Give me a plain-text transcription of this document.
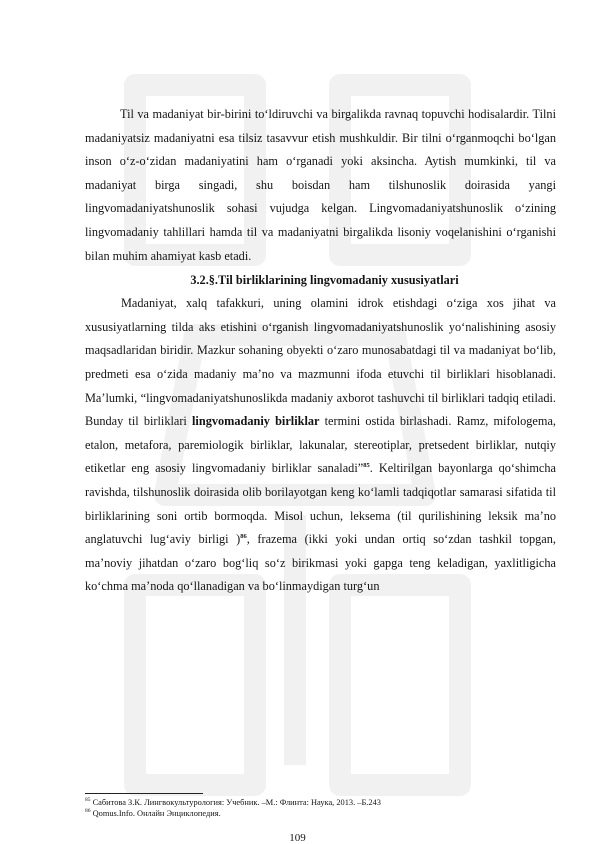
Til va madaniyat bir-birini to‘ldiruvchi va birgalikda ravnaq topuvchi hodisalardir. Tilni madaniyatsiz madaniyatni esa tilsiz tasavvur etish mushkuldir. Bir tilni o‘rganmoqchi bo‘lgan inson o‘z-o‘zidan madaniyatini ham o‘rganadi yoki aksincha. Aytish mumkinki, til va madaniyat birga singadi, shu boisdan ham tilshunoslik doirasida yangi lingvomadaniyatshunoslik sohasi vujudga kelgan. Lingvomadaniyatshunoslik o‘zining lingvomadaniy tahlillari hamda til va madaniyatni birgalikda lisoniy voqelanishini o‘rganishi bilan muhim ahamiyat kasb etadi.

3.2.§.Til birliklarining lingvomadaniy xususiyatlari

Madaniyat, xalq tafakkuri, uning olamini idrok etishdagi o‘ziga xos jihat va xususiyatlarning tilda aks etishini o‘rganish lingvomadaniyatshunoslik yo‘nalishining asosiy maqsadlaridan biridir. Mazkur sohaning obyekti o‘zaro munosabatdagi til va madaniyat bo‘lib, predmeti esa o‘zida madaniy ma’no va mazmunni ifoda etuvchi til birliklari hisoblanadi. Ma’lumki, “lingvomadaniyatshunoslikda madaniy axborot tashuvchi til birliklari tadqiq etiladi. Bunday til birliklari lingvomadaniy birliklar termini ostida birlashadi. Ramz, mifologema, etalon, metafora, paremiologik birliklar, lakunalar, stereotiplar, pretsedent birliklar, nutqiy etiketlar eng asosiy lingvomadaniy birliklar sanaladi”$^{85}$. Keltirilgan bayonlarga qo‘shimcha ravishda, tilshunoslik doirasida olib borilayotgan keng ko‘lamli tadqiqotlar samarasi sifatida til birliklarining soni ortib bormoqda. Misol uchun, leksema (til qurilishining leksik ma’no anglatuvchi lug‘aviy birligi )$^{86}$, frazema (ikki yoki undan ortiq so‘zdan tashkil topgan, ma’noviy jihatdan o‘zaro bog‘liq so‘z birikmasi yoki gapga teng keladigan, yaxlitligicha ko‘chma ma’noda qo‘llanadigan va bo‘linmaydigan turg‘un

$^{85}$ Сабитова З.К. Лингвокультурология: Учебник. –М.: Флинта: Наука, 2013. –Б.243
$^{86}$ Qomus.Info. Онлайн Энциклопедия.
109
